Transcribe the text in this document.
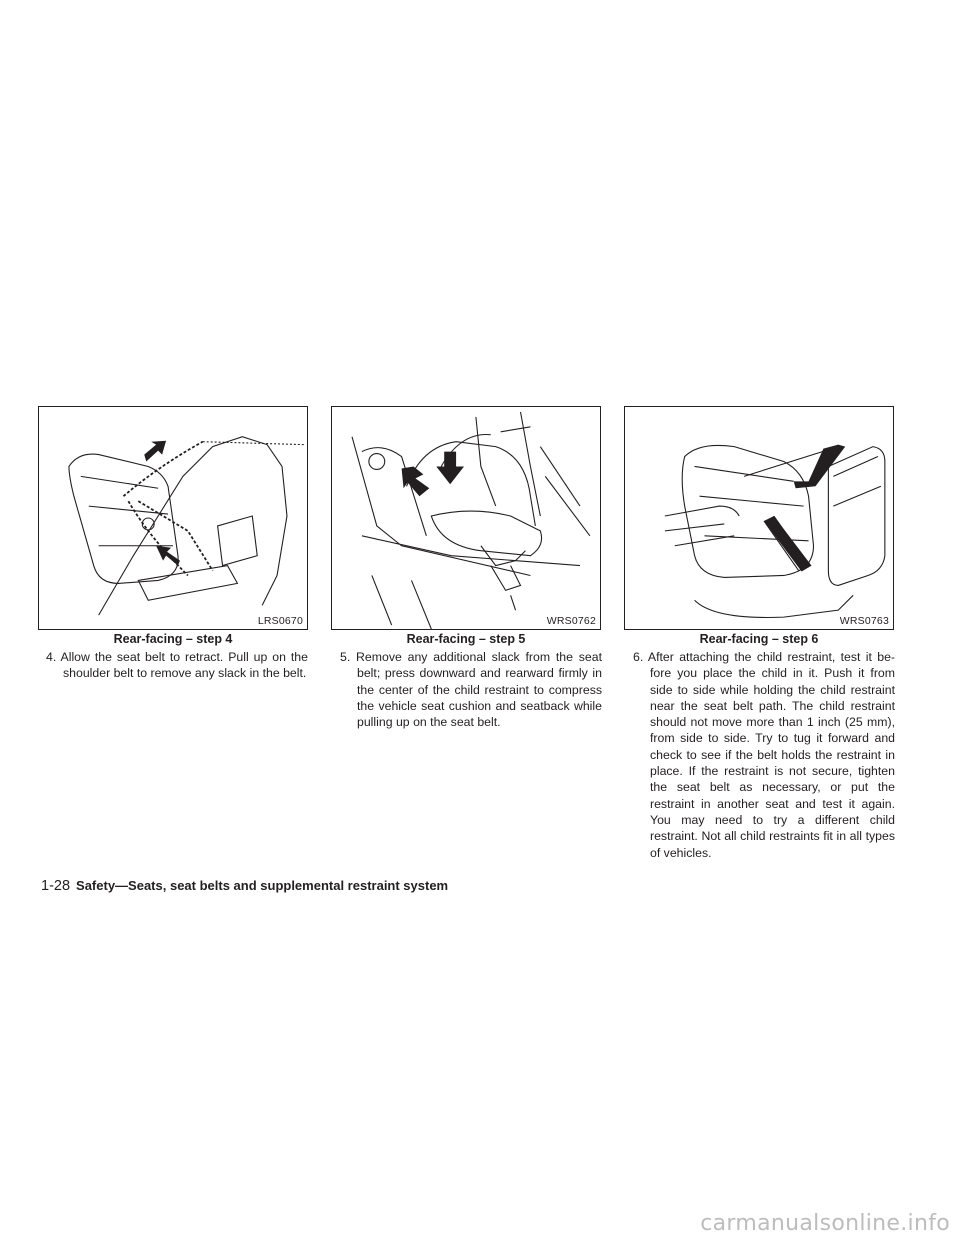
LRS0670
Rear-facing – step 4
4. Allow the seat belt to retract. Pull up on the shoulder belt to remove any slack in the belt.
WRS0762
Rear-facing – step 5
5. Remove any additional slack from the seat belt; press downward and rearward firmly in the center of the child restraint to compress the vehicle seat cushion and seatback while pulling up on the seat belt.
WRS0763
Rear-facing – step 6
6. After attaching the child restraint, test it be-fore you place the child in it. Push it from side to side while holding the child restraint near the seat belt path. The child restraint should not move more than 1 inch (25 mm), from side to side. Try to tug it forward and check to see if the belt holds the restraint in place. If the restraint is not secure, tighten the seat belt as necessary, or put the restraint in another seat and test it again. You may need to try a different child restraint. Not all child restraints fit in all types of vehicles.
1-28 Safety—Seats, seat belts and supplemental restraint system
carmanualsonline.info
